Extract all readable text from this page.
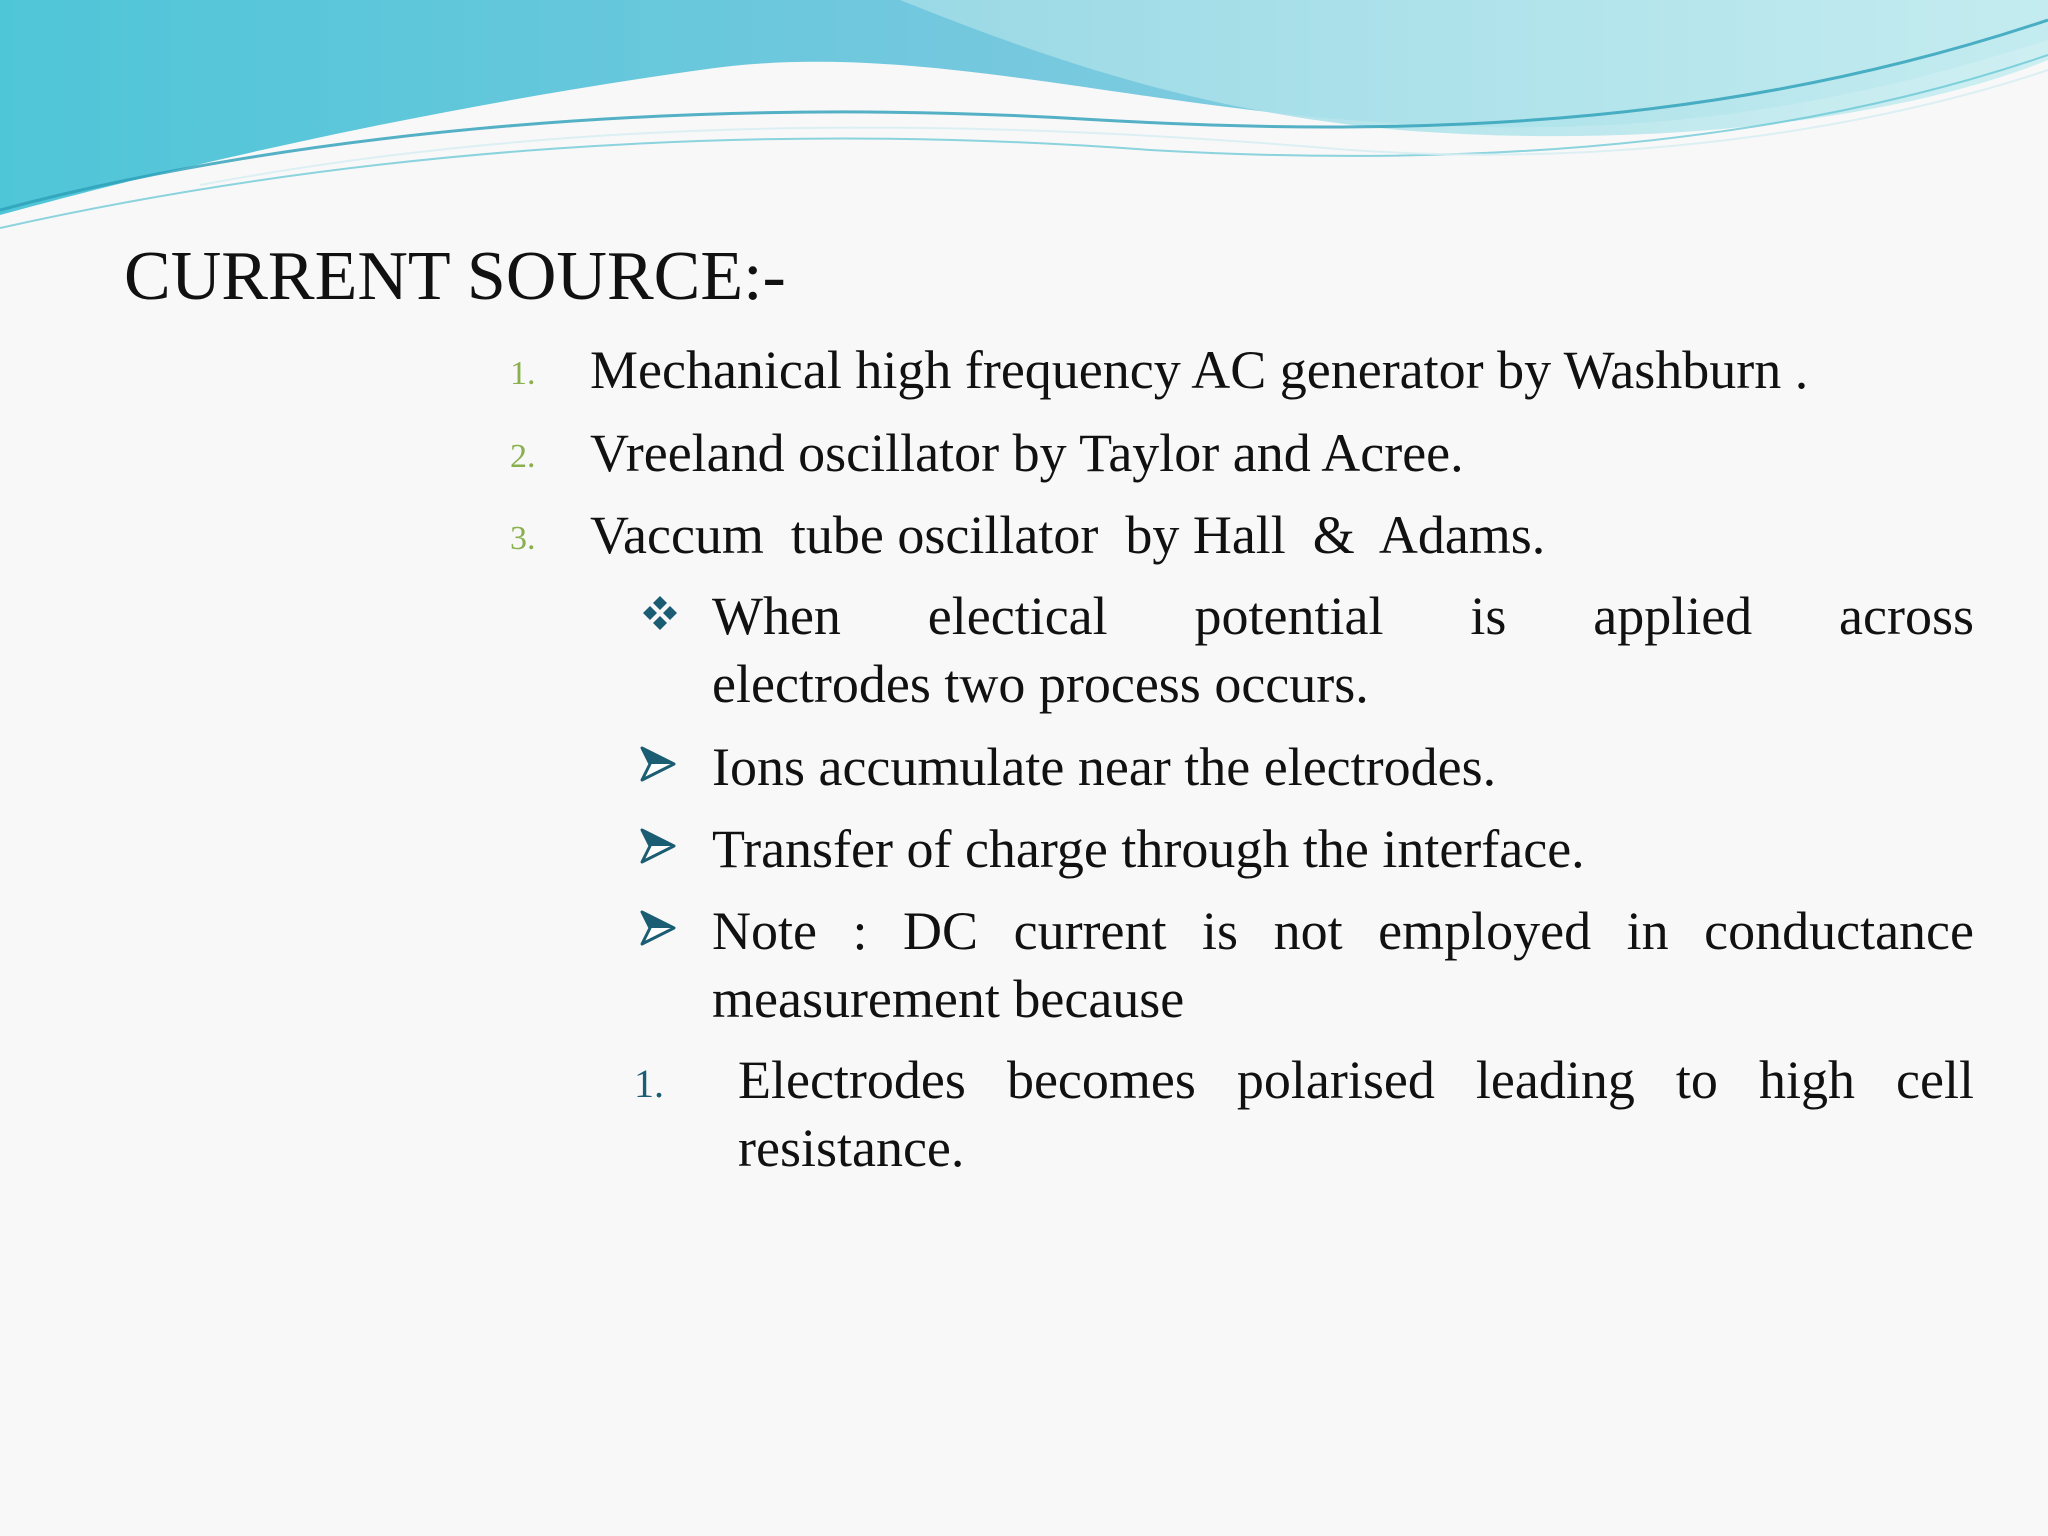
CURRENT SOURCE:-
1. Mechanical high frequency AC generator by Washburn .
2. Vreeland oscillator by Taylor and Acree.
3. Vaccum  tube oscillator  by Hall  &  Adams.
When electical potential is applied across
electrodes two process occurs.
Ions accumulate near the electrodes.
Transfer of charge through the interface.
Note : DC current is not employed in conductance
measurement because
1. Electrodes becomes polarised leading to high cell
resistance.
